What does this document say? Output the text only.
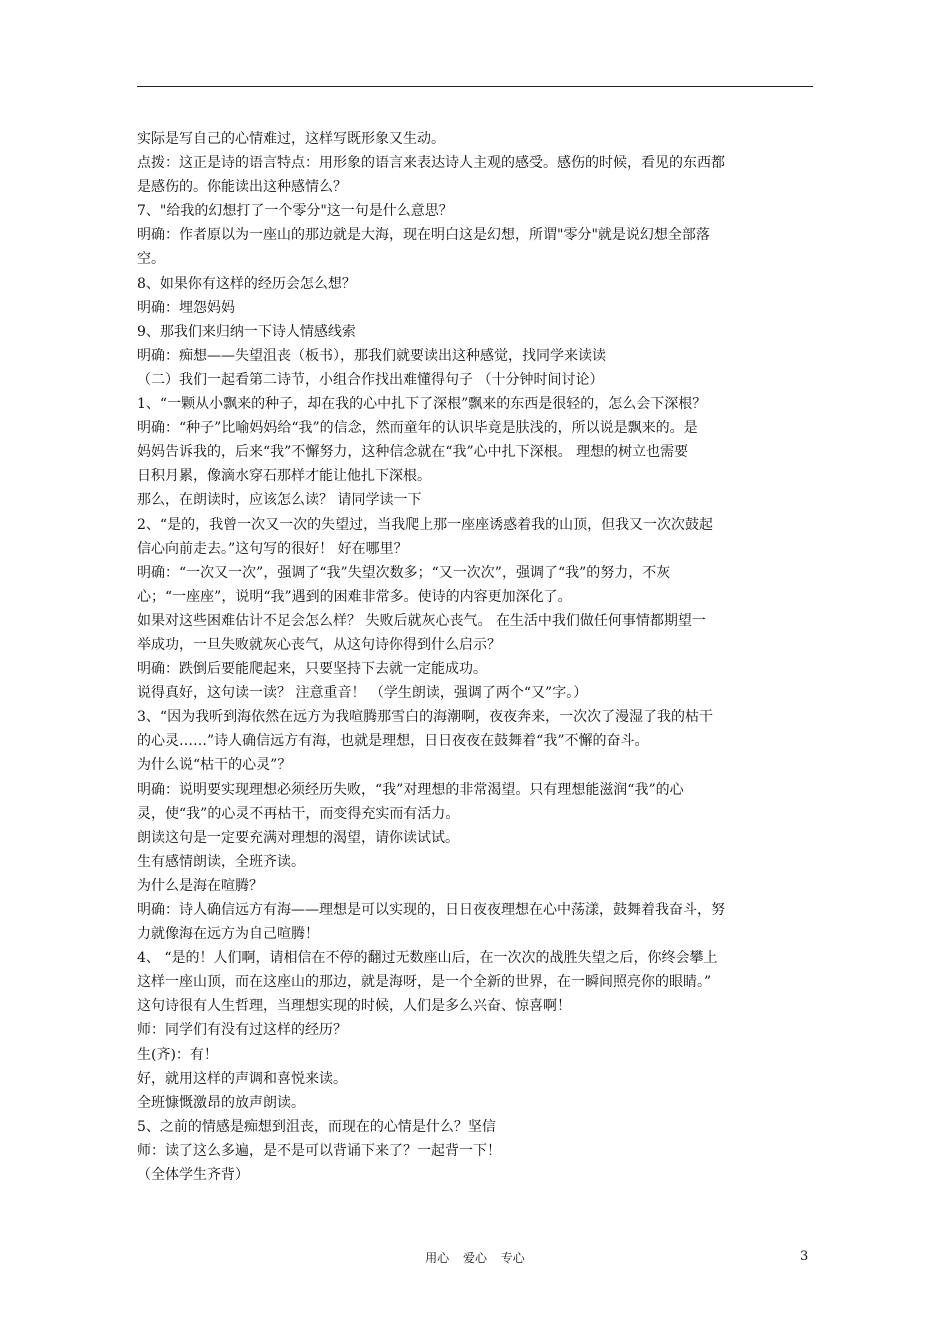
实际是写自己的心情难过，这样写既形象又生动。
点拨：这正是诗的语言特点：用形象的语言来表达诗人主观的感受。感伤的时候，看见的东西都
是感伤的。你能读出这种感情么？
7、"给我的幻想打了一个零分"这一句是什么意思？
明确：作者原以为一座山的那边就是大海，现在明白这是幻想，所谓"零分"就是说幻想全部落
空。
8、如果你有这样的经历会怎么想？
明确：埋怨妈妈
9、那我们来归纳一下诗人情感线索
明确：痴想——失望沮丧（板书），那我们就要读出这种感觉，找同学来读读
（二）我们一起看第二诗节，小组合作找出难懂得句子 （十分钟时间讨论）
1、“一颗从小飘来的种子，却在我的心中扎下了深根”飘来的东西是很轻的，怎么会下深根？
明确：“种子”比喻妈妈给“我”的信念，然而童年的认识毕竟是肤浅的，所以说是飘来的。是
妈妈告诉我的，后来“我”不懈努力，这种信念就在“我”心中扎下深根。 理想的树立也需要
日积月累，像滴水穿石那样才能让他扎下深根。
那么，在朗读时，应该怎么读？ 请同学读一下
2、“是的，我曾一次又一次的失望过，当我爬上那一座座诱惑着我的山顶，但我又一次次鼓起
信心向前走去。”这句写的很好！ 好在哪里？
明确：“一次又一次”，强调了“我”失望次数多；“又一次次”，强调了“我”的努力，不灰
心；“一座座”，说明“我”遇到的困难非常多。使诗的内容更加深化了。
如果对这些困难估计不足会怎么样？ 失败后就灰心丧气。 在生活中我们做任何事情都期望一
举成功，一旦失败就灰心丧气，从这句诗你得到什么启示？
明确：跌倒后要能爬起来，只要坚持下去就一定能成功。
说得真好，这句读一读？ 注意重音！ （学生朗读，强调了两个“又”字。）
3、“因为我听到海依然在远方为我喧腾那雪白的海潮啊，夜夜奔来，一次次了漫湿了我的枯干
的心灵……”诗人确信远方有海，也就是理想，日日夜夜在鼓舞着“我”不懈的奋斗。
为什么说“枯干的心灵”？
明确：说明要实现理想必须经历失败，“我”对理想的非常渴望。只有理想能滋润“我”的心
灵，使“我”的心灵不再枯干，而变得充实而有活力。
朗读这句是一定要充满对理想的渴望，请你读试试。
生有感情朗读，全班齐读。
为什么是海在喧腾？
明确：诗人确信远方有海——理想是可以实现的，日日夜夜理想在心中荡漾，鼓舞着我奋斗，努
力就像海在远方为自己喧腾！
4、 “是的！人们啊，请相信在不停的翻过无数座山后，在一次次的战胜失望之后，你终会攀上
这样一座山顶，而在这座山的那边，就是海呀，是一个全新的世界，在一瞬间照亮你的眼睛。”
这句诗很有人生哲理，当理想实现的时候，人们是多么兴奋、惊喜啊！
师：同学们有没有过这样的经历？
生(齐)：有！
好，就用这样的声调和喜悦来读。
全班慷慨激昂的放声朗读。
5、之前的情感是痴想到沮丧，而现在的心情是什么？坚信
师：读了这么多遍，是不是可以背诵下来了？一起背一下！
（全体学生齐背）
用心 爱心 专心	3
